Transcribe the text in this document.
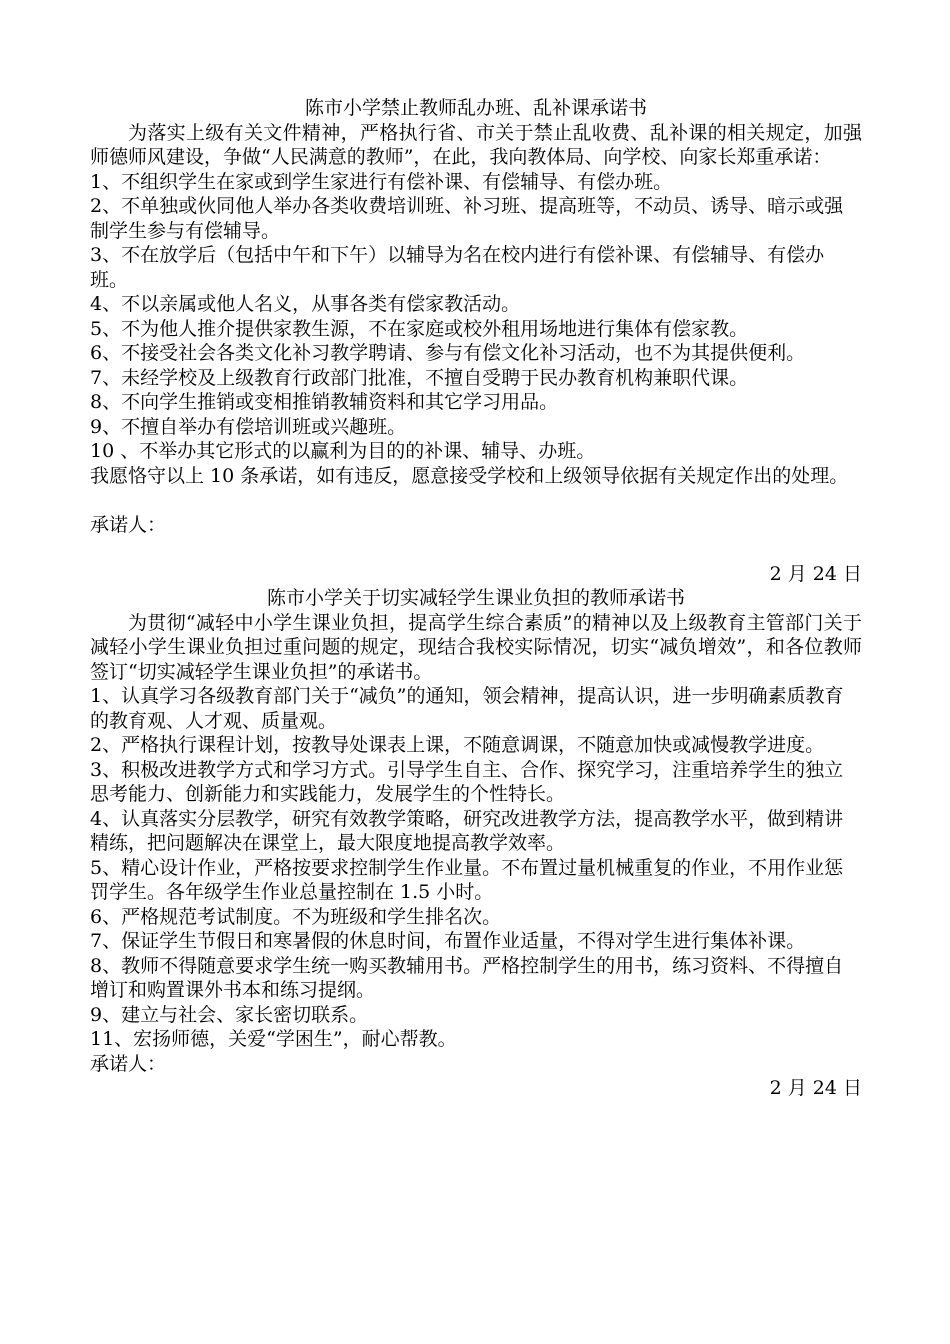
陈市小学禁止教师乱办班、乱补课承诺书

为落实上级有关文件精神，严格执行省、市关于禁止乱收费、乱补课的相关规定，加强师德师风建设，争做“人民满意的教师”，在此，我向教体局、向学校、向家长郑重承诺：

1、不组织学生在家或到学生家进行有偿补课、有偿辅导、有偿办班。
2、不单独或伙同他人举办各类收费培训班、补习班、提高班等，不动员、诱导、暗示或强制学生参与有偿辅导。
3、不在放学后（包括中午和下午）以辅导为名在校内进行有偿补课、有偿辅导、有偿办班。
4、不以亲属或他人名义，从事各类有偿家教活动。
5、不为他人推介提供家教生源，不在家庭或校外租用场地进行集体有偿家教。
6、不接受社会各类文化补习教学聘请、参与有偿文化补习活动，也不为其提供便利。
7、未经学校及上级教育行政部门批准，不擅自受聘于民办教育机构兼职代课。
8、不向学生推销或变相推销教辅资料和其它学习用品。
9、不擅自举办有偿培训班或兴趣班。
10 、不举办其它形式的以赢利为目的的补课、辅导、办班。

我愿恪守以上 10 条承诺，如有违反，愿意接受学校和上级领导依据有关规定作出的处理。

承诺人：

2 月 24 日

陈市小学关于切实减轻学生课业负担的教师承诺书

为贯彻“减轻中小学生课业负担，提高学生综合素质”的精神以及上级教育主管部门关于减轻小学生课业负担过重问题的规定，现结合我校实际情况，切实“减负增效”，和各位教师签订“切实减轻学生课业负担”的承诺书。

1、认真学习各级教育部门关于“减负”的通知，领会精神，提高认识，进一步明确素质教育的教育观、人才观、质量观。
2、严格执行课程计划，按教导处课表上课，不随意调课，不随意加快或减慢教学进度。
3、积极改进教学方式和学习方式。引导学生自主、合作、探究学习，注重培养学生的独立思考能力、创新能力和实践能力，发展学生的个性特长。
4、认真落实分层教学，研究有效教学策略，研究改进教学方法，提高教学水平，做到精讲精练，把问题解决在课堂上，最大限度地提高教学效率。
5、精心设计作业，严格按要求控制学生作业量。不布置过量机械重复的作业，不用作业惩罚学生。各年级学生作业总量控制在 1.5 小时。
6、严格规范考试制度。不为班级和学生排名次。
7、保证学生节假日和寒暑假的休息时间，布置作业适量，不得对学生进行集体补课。
8、教师不得随意要求学生统一购买教辅用书。严格控制学生的用书，练习资料、不得擅自增订和购置课外书本和练习提纲。
9、建立与社会、家长密切联系。
11、宏扬师德，关爱“学困生”，耐心帮教。

承诺人：

2 月 24 日
